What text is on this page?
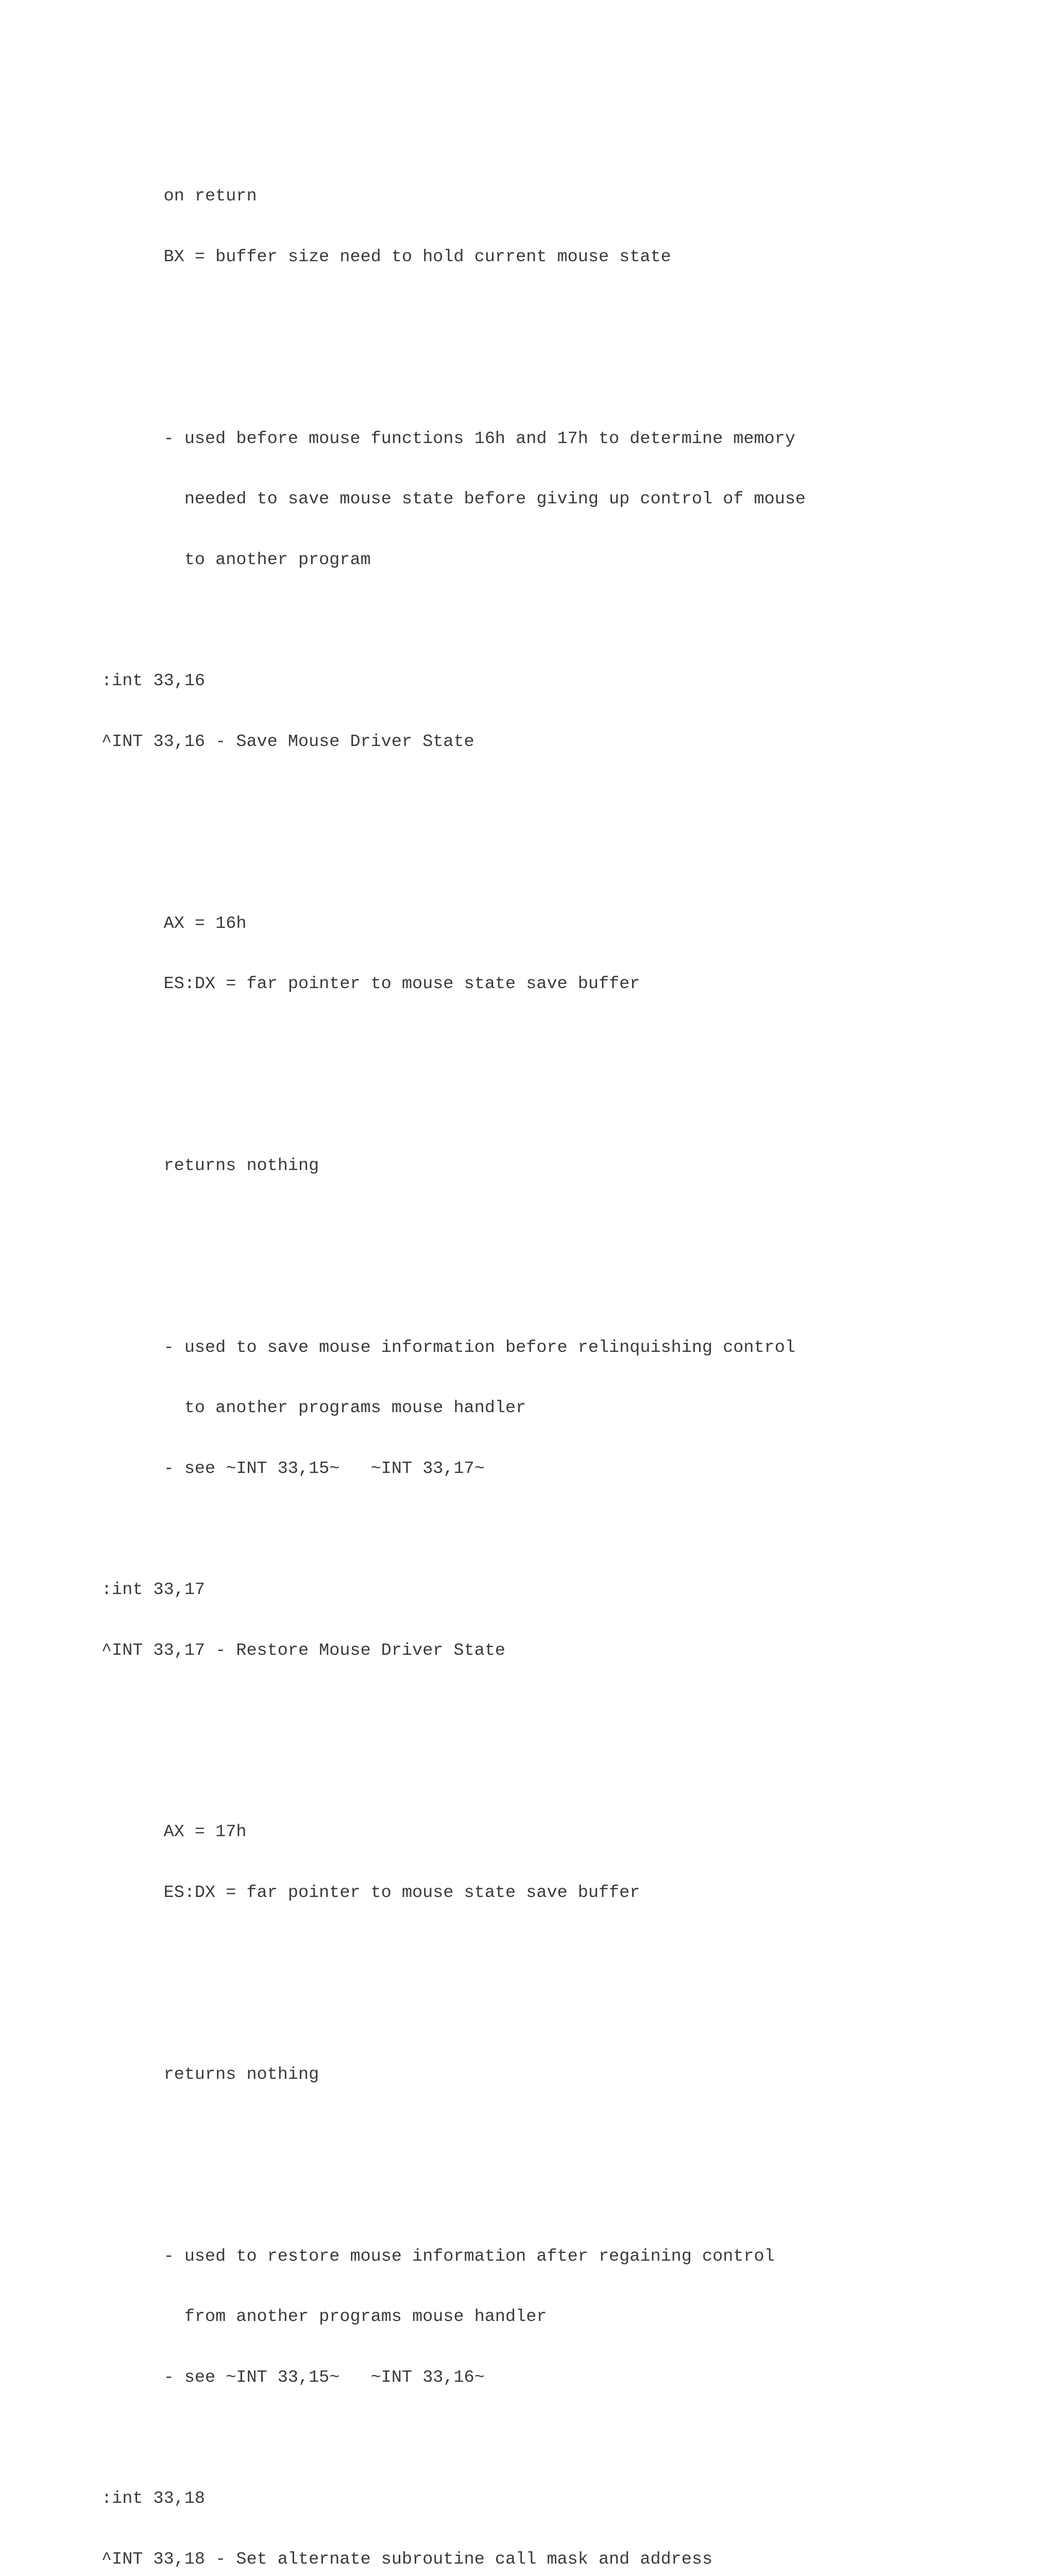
on return

BX = buffer size need to hold current mouse state

- used before mouse functions 16h and 17h to determine memory

needed to save mouse state before giving up control of mouse

to another program

:int 33,16

^INT 33,16 - Save Mouse Driver State

AX = 16h

ES:DX = far pointer to mouse state save buffer

returns nothing

- used to save mouse information before relinquishing control

to another programs mouse handler

- see ~INT 33,15~   ~INT 33,17~

:int 33,17

^INT 33,17 - Restore Mouse Driver State

AX = 17h

ES:DX = far pointer to mouse state save buffer

returns nothing

- used to restore mouse information after regaining control

from another programs mouse handler

- see ~INT 33,15~   ~INT 33,16~

:int 33,18

^INT 33,18 - Set alternate subroutine call mask and address
